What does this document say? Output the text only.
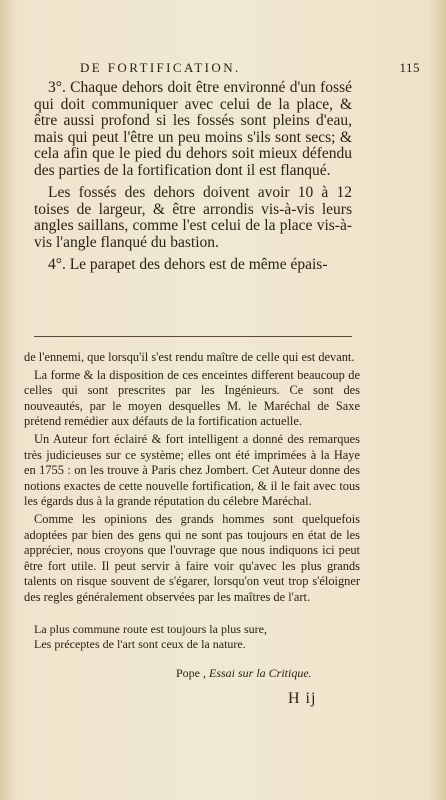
DE FORTIFICATION.	115

3°. Chaque dehors doit être environné d'un fossé qui doit communiquer avec celui de la place, & être aussi profond si les fossés sont pleins d'eau, mais qui peut l'être un peu moins s'ils sont secs; & cela afin que le pied du dehors soit mieux défendu des parties de la fortification dont il est flanqué.

Les fossés des dehors doivent avoir 10 à 12 toises de largeur, & être arrondis vis-à-vis leurs angles saillans, comme l'est celui de la place vis-à-vis l'angle flanqué du bastion.

4°. Le parapet des dehors est de même épais-

de l'ennemi, que lorsqu'il s'est rendu maître de celle qui est devant.

La forme & la disposition de ces enceintes different beaucoup de celles qui sont prescrites par les Ingénieurs. Ce sont des nouveautés, par le moyen desquelles M. le Maréchal de Saxe prétend remédier aux défauts de la fortification actuelle.

Un Auteur fort éclairé & fort intelligent a donné des remarques très judicieuses sur ce système; elles ont été imprimées à la Haye en 1755 : on les trouve à Paris chez Jombert. Cet Auteur donne des notions exactes de cette nouvelle fortification, & il le fait avec tous les égards dus à la grande réputation du célebre Maréchal.

Comme les opinions des grands hommes sont quelquefois adoptées par bien des gens qui ne sont pas toujours en état de les apprécier, nous croyons que l'ouvrage que nous indiquons ici peut être fort utile. Il peut servir à faire voir qu'avec les plus grands talents on risque souvent de s'égarer, lorsqu'on veut trop s'éloigner des regles généralement observées par les maîtres de l'art.

La plus commune route est toujours la plus sure,
Les préceptes de l'art sont ceux de la nature.
Pope , Essai sur la Critique.
H ij
